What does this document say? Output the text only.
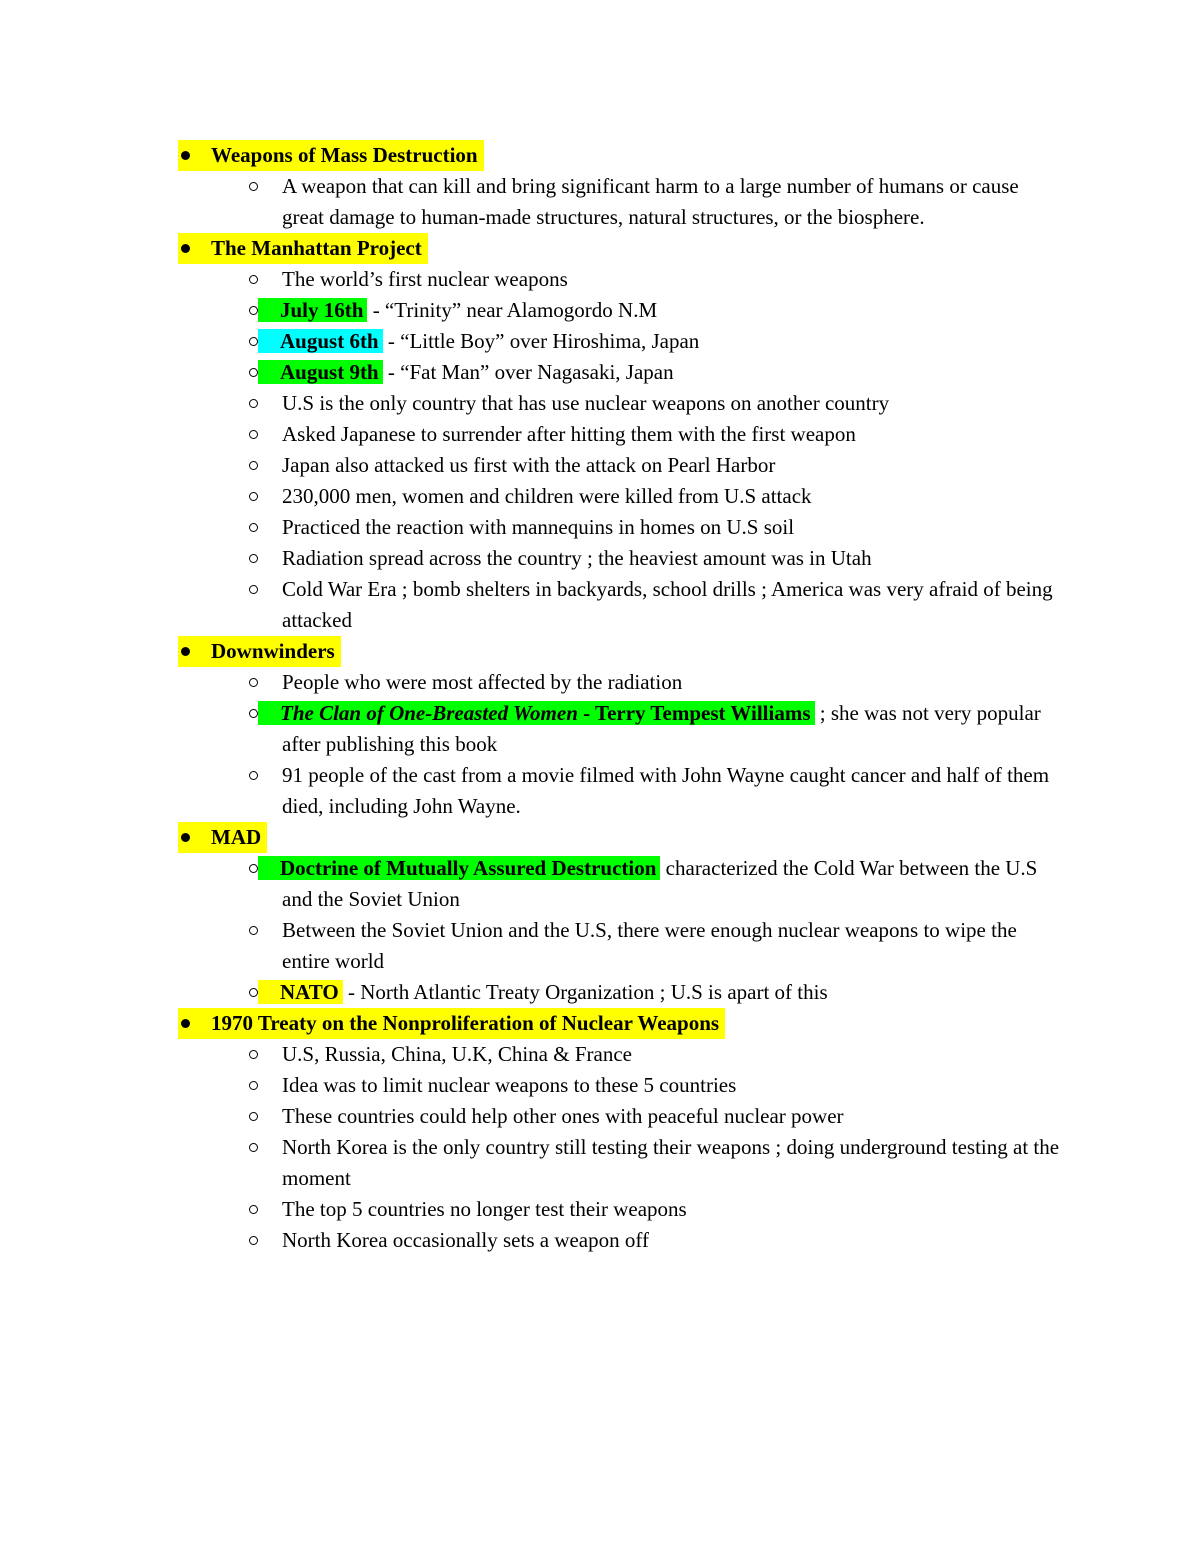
Weapons of Mass Destruction
A weapon that can kill and bring significant harm to a large number of humans or cause great damage to human-made structures, natural structures, or the biosphere.
The Manhattan Project
The world’s first nuclear weapons
July 16th - “Trinity” near Alamogordo N.M
August 6th - “Little Boy” over Hiroshima, Japan
August 9th - “Fat Man” over Nagasaki, Japan
U.S is the only country that has use nuclear weapons on another country
Asked Japanese to surrender after hitting them with the first weapon
Japan also attacked us first with the attack on Pearl Harbor
230,000 men, women and children were killed from U.S attack
Practiced the reaction with mannequins in homes on U.S soil
Radiation spread across the country ; the heaviest amount was in Utah
Cold War Era ; bomb shelters in backyards, school drills ; America was very afraid of being attacked
Downwinders
People who were most affected by the radiation
The Clan of One-Breasted Women - Terry Tempest Williams ; she was not very popular after publishing this book
91 people of the cast from a movie filmed with John Wayne caught cancer and half of them died, including John Wayne.
MAD
Doctrine of Mutually Assured Destruction characterized the Cold War between the U.S and the Soviet Union
Between the Soviet Union and the U.S, there were enough nuclear weapons to wipe the entire world
NATO - North Atlantic Treaty Organization ; U.S is apart of this
1970 Treaty on the Nonproliferation of Nuclear Weapons
U.S, Russia, China, U.K, China & France
Idea was to limit nuclear weapons to these 5 countries
These countries could help other ones with peaceful nuclear power
North Korea is the only country still testing their weapons ; doing underground testing at the moment
The top 5 countries no longer test their weapons
North Korea occasionally sets a weapon off
